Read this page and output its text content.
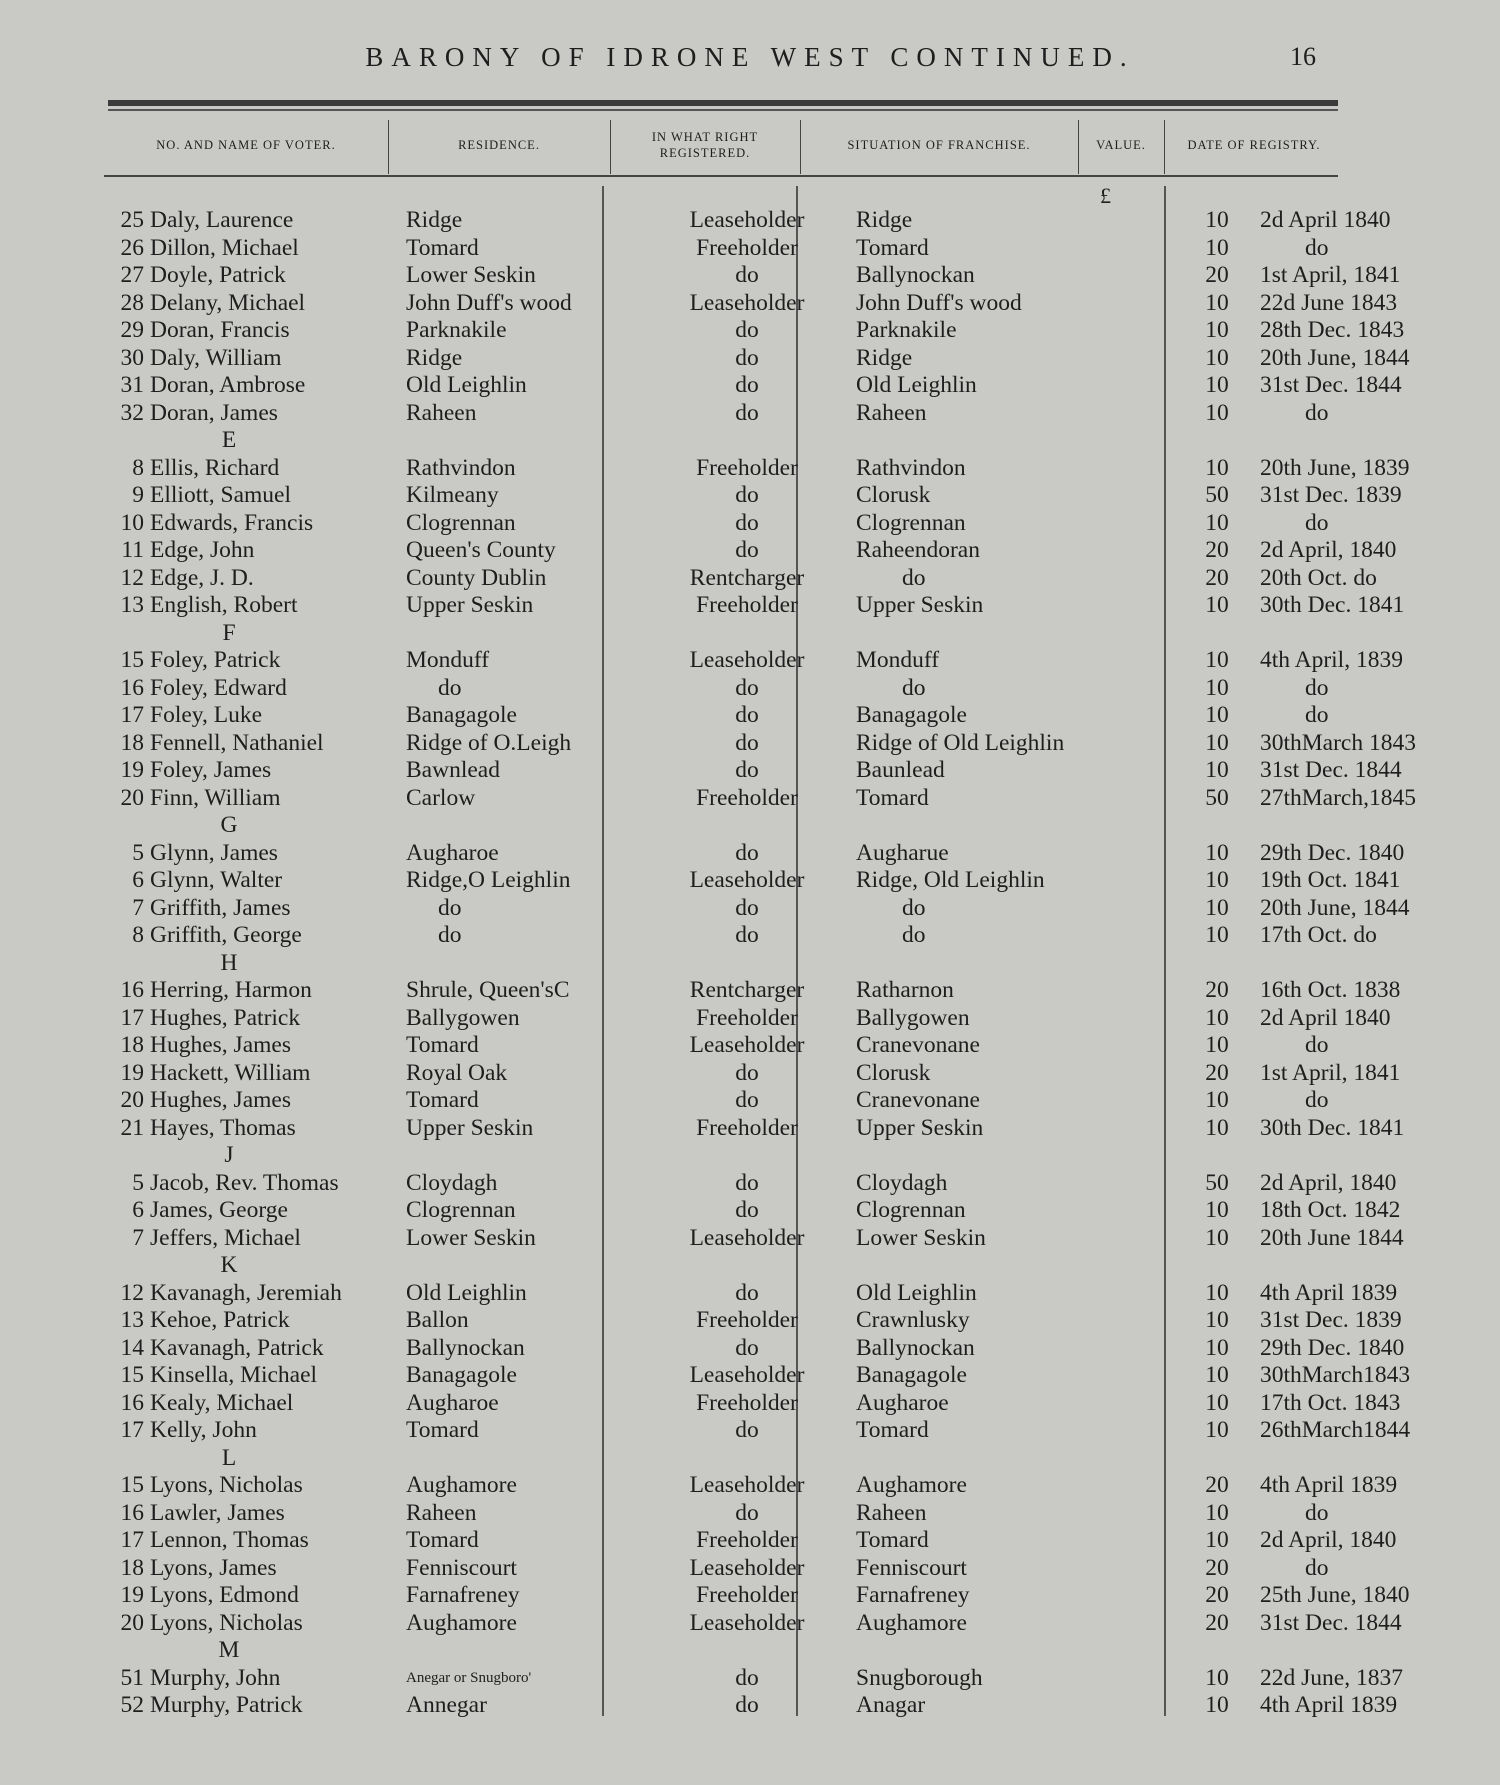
BARONY OF IDRONE WEST CONTINUED.	16
NO. AND NAME OF VOTER.	RESIDENCE.
IN WHAT RIGHT
REGISTERED.
SITUATION OF FRANCHISE.	VALUE.	DATE OF REGISTRY.
£
25	Daly, Laurence	Ridge	Leaseholder	Ridge	10	2d April 1840
26	Dillon, Michael	Tomard	Freeholder	Tomard	10	do
27	Doyle, Patrick	Lower Seskin	do	Ballynockan	20	1st April, 1841
28	Delany, Michael	John Duff's wood	Leaseholder	John Duff's wood	10	22d June 1843
29	Doran, Francis	Parknakile	do	Parknakile	10	28th Dec. 1843
30	Daly, William	Ridge	do	Ridge	10	20th June, 1844
31	Doran, Ambrose	Old Leighlin	do	Old Leighlin	10	31st Dec. 1844
32	Doran, James	Raheen	do	Raheen	10	do
E						
8	Ellis, Richard	Rathvindon	Freeholder	Rathvindon	10	20th June, 1839
9	Elliott, Samuel	Kilmeany	do	Clorusk	50	31st Dec. 1839
10	Edwards, Francis	Clogrennan	do	Clogrennan	10	do
11	Edge, John	Queen's County	do	Raheendoran	20	2d April, 1840
12	Edge, J. D.	County Dublin	Rentcharger	do	20	20th Oct. do
13	English, Robert	Upper Seskin	Freeholder	Upper Seskin	10	30th Dec. 1841
F						
15	Foley, Patrick	Monduff	Leaseholder	Monduff	10	4th April, 1839
16	Foley, Edward	do	do	do	10	do
17	Foley, Luke	Banagagole	do	Banagagole	10	do
18	Fennell, Nathaniel	Ridge of O.Leigh	do	Ridge of Old Leighlin	10	30thMarch 1843
19	Foley, James	Bawnlead	do	Baunlead	10	31st Dec. 1844
20	Finn, William	Carlow	Freeholder	Tomard	50	27thMarch,1845
G						
5	Glynn, James	Augharoe	do	Augharue	10	29th Dec. 1840
6	Glynn, Walter	Ridge,O Leighlin	Leaseholder	Ridge, Old Leighlin	10	19th Oct. 1841
7	Griffith, James	do	do	do	10	20th June, 1844
8	Griffith, George	do	do	do	10	17th Oct. do
H						
16	Herring, Harmon	Shrule, Queen'sC	Rentcharger	Ratharnon	20	16th Oct. 1838
17	Hughes, Patrick	Ballygowen	Freeholder	Ballygowen	10	2d April 1840
18	Hughes, James	Tomard	Leaseholder	Cranevonane	10	do
19	Hackett, William	Royal Oak	do	Clorusk	20	1st April, 1841
20	Hughes, James	Tomard	do	Cranevonane	10	do
21	Hayes, Thomas	Upper Seskin	Freeholder	Upper Seskin	10	30th Dec. 1841
J						
5	Jacob, Rev. Thomas	Cloydagh	do	Cloydagh	50	2d April, 1840
6	James, George	Clogrennan	do	Clogrennan	10	18th Oct. 1842
7	Jeffers, Michael	Lower Seskin	Leaseholder	Lower Seskin	10	20th June 1844
K						
12	Kavanagh, Jeremiah	Old Leighlin	do	Old Leighlin	10	4th April 1839
13	Kehoe, Patrick	Ballon	Freeholder	Crawnlusky	10	31st Dec. 1839
14	Kavanagh, Patrick	Ballynockan	do	Ballynockan	10	29th Dec. 1840
15	Kinsella, Michael	Banagagole	Leaseholder	Banagagole	10	30thMarch1843
16	Kealy, Michael	Augharoe	Freeholder	Augharoe	10	17th Oct. 1843
17	Kelly, John	Tomard	do	Tomard	10	26thMarch1844
L						
15	Lyons, Nicholas	Aughamore	Leaseholder	Aughamore	20	4th April 1839
16	Lawler, James	Raheen	do	Raheen	10	do
17	Lennon, Thomas	Tomard	Freeholder	Tomard	10	2d April, 1840
18	Lyons, James	Fenniscourt	Leaseholder	Fenniscourt	20	do
19	Lyons, Edmond	Farnafreney	Freeholder	Farnafreney	20	25th June, 1840
20	Lyons, Nicholas	Aughamore	Leaseholder	Aughamore	20	31st Dec. 1844
M						
51	Murphy, John	Anegar or Snugboro'	do	Snugborough	10	22d June, 1837
52	Murphy, Patrick	Annegar	do	Anagar	10	4th April 1839
